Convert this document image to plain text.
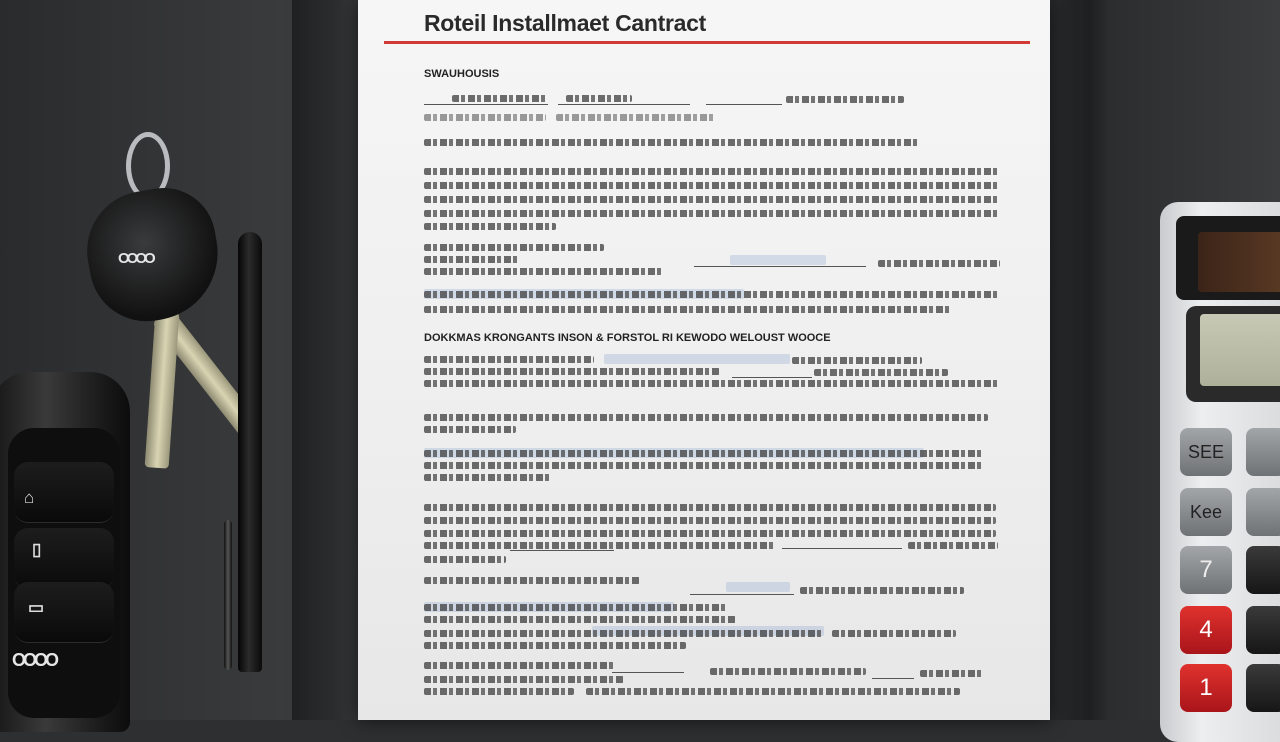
OOOO
⌂
▯
▭
OOOO
Roteil Installmaet Cantract
SWAUHOUSIS
DOKKMAS KRONGANTS INSON & FORSTOL RI KEWODO WELOUST WOOCE
SEE
Kee
7
4
1
